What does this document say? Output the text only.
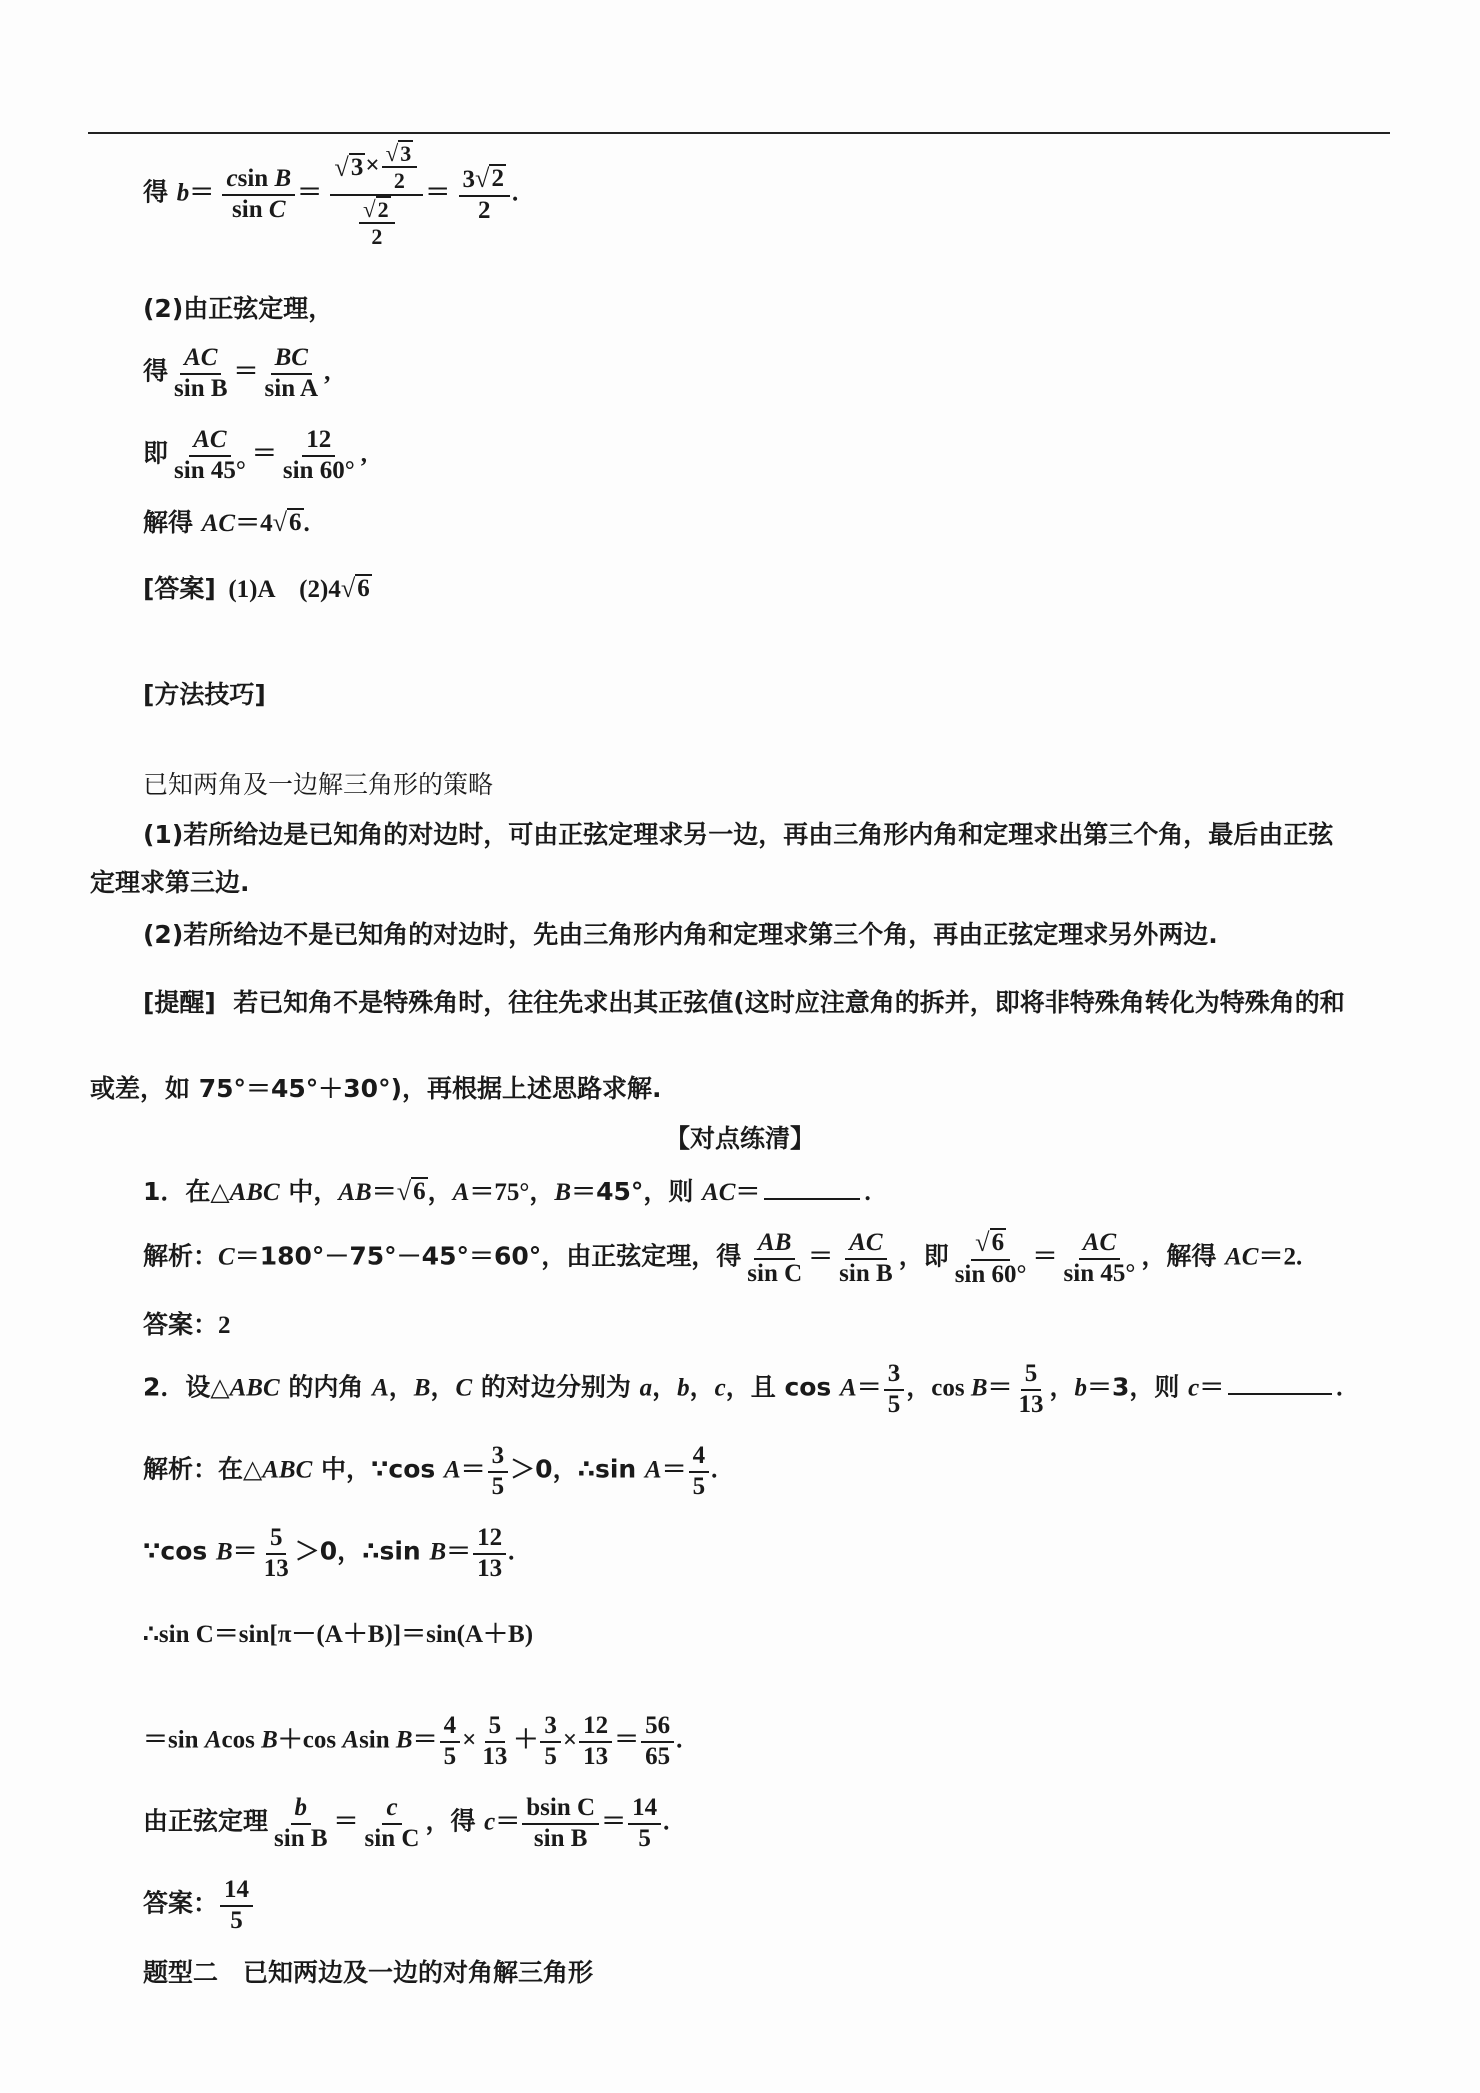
得 $b= \frac{\text{csin B}}{\text{sin C}} = \frac{√ 3 \times \frac{√ 3}{2}}{\frac{√ 2}{2}} = \frac{3 √ 2}{2}$ .
(2)由正弦定理，
得 $\frac{AC}{\text{sin B}} = \frac{BC}{\text{sin A}}$ ,
即 $\frac{AC}{\sin 45^\circ} = \frac{12}{\sin 60^\circ}$ ,
解得 AC＝4 √ 6 .
[答案]  (1)A    (2)4 √ 6
[方法技巧]
已知两角及一边解三角形的策略
(1)若所给边是已知角的对边时，可由正弦定理求另一边，再由三角形内角和定理求出第三个角，最后由正弦
定理求第三边.
(2)若所给边不是已知角的对边时，先由三角形内角和定理求第三个角，再由正弦定理求另外两边.
[提醒]  若已知角不是特殊角时，往往先求出其正弦值(这时应注意角的拆并，即将非特殊角转化为特殊角的和
或差，如 75°＝45°＋30°)，再根据上述思路求解.
【对点练清】
1．在△ABC 中，AB＝ √ 6 ，A＝75°，B＝45°，则 AC＝	.
解析：C＝180°－75°－45°＝60°，由正弦定理，得 $\frac{AB}{\text{sin C}} = \frac{AC}{\text{sin B}}$ ，即 $\frac{√ 6}{\sin 60^\circ} = \frac{AC}{\sin 45^\circ}$ ，解得 AC＝2.
答案：2
2．设△ABC 的内角 A，B，C 的对边分别为 a，b，c，且 $\cos A= \frac{3}{5}$ ，$\cos B= \frac{5}{13}$ ，b＝3，则 c＝	.
解析：在△ABC 中，∵cos $A= \frac{3}{5} >0$，∴sin $A= \frac{4}{5}$ .
∵cos $B= \frac{5}{13} >0$，∴sin $B= \frac{12}{13}$ .
∴sin C＝sin[π－(A＋B)]＝sin(A＋B)
＝sin Acos B＋cos Asin $B= \frac{4}{5} \times \frac{5}{13} + \frac{3}{5} \times \frac{12}{13} = \frac{56}{65}$ .
由正弦定理 $\frac{b}{\text{sin B}} = \frac{c}{\text{sin C}}$ ，得 $c= \frac{\text{bsin C}}{\text{sin B}} = \frac{14}{5}$ .
答案： $\frac{14}{5}$
题型二　已知两边及一边的对角解三角形
